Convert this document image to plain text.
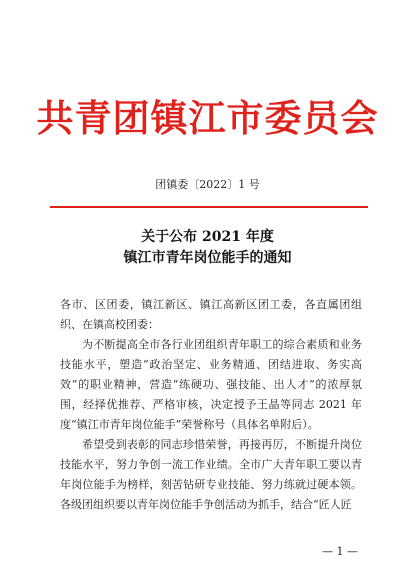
共青团镇江市委员会
团镇委〔2022〕1 号
关于公布 2021 年度
镇江市青年岗位能手的通知

各市、区团委，镇江新区、镇江高新区团工委，各直属团组织、在镇高校团委：

为不断提高全市各行业团组织青年职工的综合素质和业务技能水平，塑造“政治坚定、业务精通、团结进取、务实高效”的职业精神，营造“练硬功、强技能、出人才”的浓厚氛围，经择优推荐、严格审核，决定授予王晶等同志 2021 年度“镇江市青年岗位能手”荣誉称号（具体名单附后）。

希望受到表彰的同志珍惜荣誉，再接再厉，不断提升岗位技能水平，努力争创一流工作业绩。全市广大青年职工要以青年岗位能手为榜样，刻苦钻研专业技能、努力练就过硬本领。各级团组织要以青年岗位能手争创活动为抓手，结合“匠人匠

— 1 —
